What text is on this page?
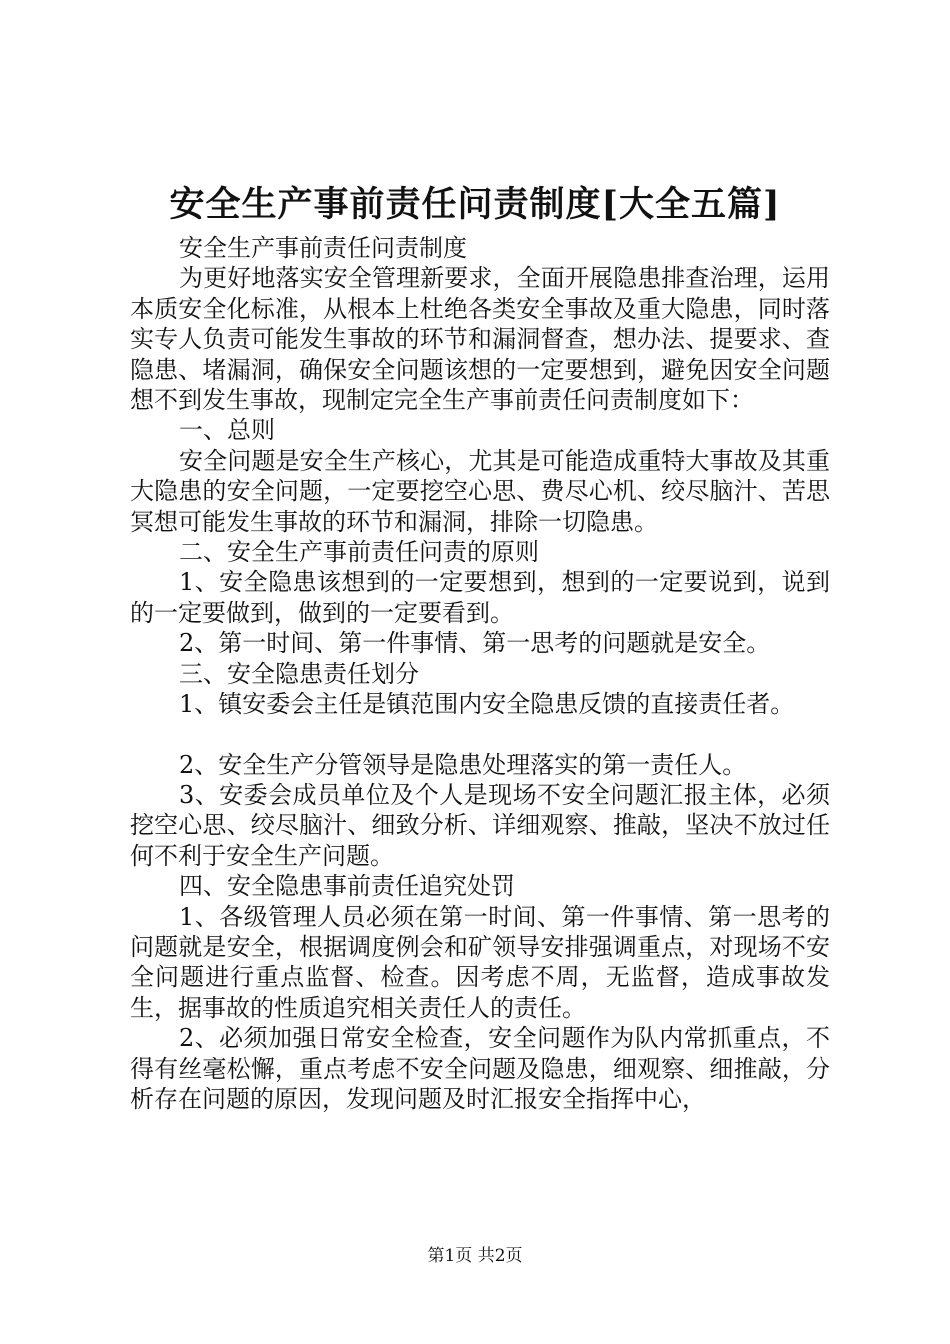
安全生产事前责任问责制度[大全五篇]

安全生产事前责任问责制度

为更好地落实安全管理新要求，全面开展隐患排查治理，运用本质安全化标准，从根本上杜绝各类安全事故及重大隐患，同时落实专人负责可能发生事故的环节和漏洞督查，想办法、提要求、查隐患、堵漏洞，确保安全问题该想的一定要想到，避免因安全问题想不到发生事故，现制定完全生产事前责任问责制度如下：

一、总则

安全问题是安全生产核心，尤其是可能造成重特大事故及其重大隐患的安全问题，一定要挖空心思、费尽心机、绞尽脑汁、苦思冥想可能发生事故的环节和漏洞，排除一切隐患。

二、安全生产事前责任问责的原则

1、安全隐患该想到的一定要想到，想到的一定要说到，说到的一定要做到，做到的一定要看到。

2、第一时间、第一件事情、第一思考的问题就是安全。

三、安全隐患责任划分

1、镇安委会主任是镇范围内安全隐患反馈的直接责任者。

2、安全生产分管领导是隐患处理落实的第一责任人。

3、安委会成员单位及个人是现场不安全问题汇报主体，必须挖空心思、绞尽脑汁、细致分析、详细观察、推敲，坚决不放过任何不利于安全生产问题。

四、安全隐患事前责任追究处罚

1、各级管理人员必须在第一时间、第一件事情、第一思考的问题就是安全，根据调度例会和矿领导安排强调重点，对现场不安全问题进行重点监督、检查。因考虑不周，无监督，造成事故发生，据事故的性质追究相关责任人的责任。

2、必须加强日常安全检查，安全问题作为队内常抓重点，不得有丝毫松懈，重点考虑不安全问题及隐患，细观察、细推敲，分析存在问题的原因，发现问题及时汇报安全指挥中心，

第1页 共2页
